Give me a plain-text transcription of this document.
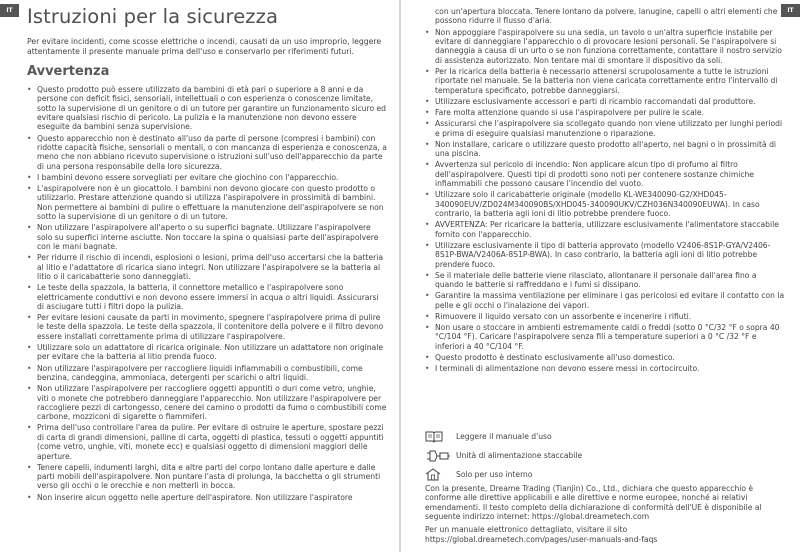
IT Istruzioni per la sicurezza

Per evitare incidenti, come scosse elettriche o incendi, causati da un uso improprio, leggere attentamente il presente manuale prima dell'uso e conservarlo per riferimenti futuri.

Avvertenza
• Questo prodotto può essere utilizzato da bambini di età pari o superiore a 8 anni e da persone con deficit fisici, sensoriali, intellettuali o con esperienza o conoscenze limitate, sotto la supervisione di un genitore o di un tutore per garantire un funzionamento sicuro ed evitare qualsiasi rischio di pericolo. La pulizia e la manutenzione non devono essere eseguite da bambini senza supervisione.
• Questo apparecchio non è destinato all'uso da parte di persone (compresi i bambini) con ridotte capacità fisiche, sensoriali o mentali, o con mancanza di esperienza e conoscenza, a meno che non abbiano ricevuto supervisione o istruzioni sull'uso dell'apparecchio da parte di una persona responsabile della loro sicurezza.
• I bambini devono essere sorvegliati per evitare che giochino con l'apparecchio.
• L'aspirapolvere non è un giocattolo. I bambini non devono giocare con questo prodotto o utilizzarlo. Prestare attenzione quando si utilizza l'aspirapolvere in prossimità di bambini. Non permettere ai bambini di pulire o effettuare la manutenzione dell'aspirapolvere se non sotto la supervisione di un genitore o di un tutore.
• Non utilizzare l'aspirapolvere all'aperto o su superfici bagnate. Utilizzare l'aspirapolvere solo su superfici interne asciutte. Non toccare la spina o qualsiasi parte dell'aspirapolvere con le mani bagnate.
• Per ridurre il rischio di incendi, esplosioni o lesioni, prima dell'uso accertarsi che la batteria al litio e l'adattatore di ricarica siano integri. Non utilizzare l'aspirapolvere se la batteria al litio o il caricabatterie sono danneggiati.
• Le teste della spazzola, la batteria, il connettore metallico e l'aspirapolvere sono elettricamente conduttivi e non devono essere immersi in acqua o altri liquidi. Assicurarsi di asciugare tutti i filtri dopo la pulizia.
• Per evitare lesioni causate da parti in movimento, spegnere l'aspirapolvere prima di pulire le teste della spazzola. Le teste della spazzola, il contenitore della polvere e il filtro devono essere installati correttamente prima di utilizzare l'aspirapolvere.
• Utilizzare solo un adattatore di ricarica originale. Non utilizzare un adattatore non originale per evitare che la batteria al litio prenda fuoco.
• Non utilizzare l'aspirapolvere per raccogliere liquidi infiammabili o combustibili, come benzina, candeggina, ammoniaca, detergenti per scarichi o altri liquidi.
• Non utilizzare l'aspirapolvere per raccogliere oggetti appuntiti o duri come vetro, unghie, viti o monete che potrebbero danneggiare l'apparecchio. Non utilizzare l'aspirapolvere per raccogliere pezzi di cartongesso, cenere del camino o prodotti da fumo o combustibili come carbone, mozziconi di sigarette o fiammiferi.
• Prima dell'uso controllare l'area da pulire. Per evitare di ostruire le aperture, spostare pezzi di carta di grandi dimensioni, palline di carta, oggetti di plastica, tessuti o oggetti appuntiti (come vetro, unghie, viti, monete ecc) e qualsiasi oggetto di dimensioni maggiori delle aperture.
• Tenere capelli, indumenti larghi, dita e altre parti del corpo lontano dalle aperture e dalle parti mobili dell'aspirapolvere. Non puntare l'asta di prolunga, la bacchetta o gli strumenti verso gli occhi o le orecchie e non metterli in bocca.
• Non inserire alcun oggetto nelle aperture dell'aspiratore. Non utilizzare l'aspiratore
IT
con un'apertura bloccata. Tenere lontano da polvere, lanugine, capelli o altri elementi che possono ridurre il flusso d'aria.
• Non appoggiare l'aspirapolvere su una sedia, un tavolo o un'altra superficie instabile per evitare di danneggiare l'apparecchio o di provocare lesioni personali. Se l'aspirapolvere si danneggia a causa di un urto o se non funziona correttamente, contattare il nostro servizio di assistenza autorizzato. Non tentare mai di smontare il dispositivo da soli.
• Per la ricarica della batteria è necessario attenersi scrupolosamente a tutte le istruzioni riportate nel manuale. Se la batteria non viene caricata correttamente entro l'intervallo di temperatura specificato, potrebbe danneggiarsi.
• Utilizzare esclusivamente accessori e parti di ricambio raccomandati dal produttore.
• Fare molta attenzione quando si usa l'aspirapolvere per pulire le scale.
• Assicurarsi che l'aspirapolvere sia scollegato quando non viene utilizzato per lunghi periodi e prima di eseguire qualsiasi manutenzione o riparazione.
• Non installare, caricare o utilizzare questo prodotto all'aperto, nei bagni o in prossimità di una piscina.
• Avvertenza sul pericolo di incendio: Non applicare alcun tipo di profumo al filtro dell'aspirapolvere. Questi tipi di prodotti sono noti per contenere sostanze chimiche infiammabili che possono causare l'incendio del vuoto.
• Utilizzare solo il caricabatterie originale (modello KL-WE340090-G2/XHD045-340090EUV/ZD024M340090BS/XHD045-340090UKV/CZH036N340090EUWA). In caso contrario, la batteria agli ioni di litio potrebbe prendere fuoco.
• AVVERTENZA: Per ricaricare la batteria, utilizzare esclusivamente l'alimentatore staccabile fornito con l'apparecchio.
• Utilizzare esclusivamente il tipo di batteria approvato (modello V2406-8S1P-GYA/V2406-8S1P-BWA/V2406A-8S1P-BWA). In caso contrario, la batteria agli ioni di litio potrebbe prendere fuoco.
• Se il materiale delle batterie viene rilasciato, allontanare il personale dall'area fino a quando le batterie si raffreddano e i fumi si dissipano.
• Garantire la massima ventilazione per eliminare i gas pericolosi ed evitare il contatto con la pelle e gli occhi o l'inalazione dei vapori.
• Rimuovere il liquido versato con un assorbente e incenerire i rifiuti.
• Non usare o stoccare in ambienti estremamente caldi o freddi (sotto 0 °C/32 °F o sopra 40 °C/104 °F). Caricare l'aspirapolvere senza fili a temperature superiori a 0 °C /32 °F e inferiori a 40 °C/104 °F.
• Questo prodotto è destinato esclusivamente all'uso domestico.
• I terminali di alimentazione non devono essere messi in cortocircuito.
Leggere il manuale d'uso
Unità di alimentazione staccabile
Solo per uso interno

Con la presente, Dreame Trading (Tianjin) Co., Ltd., dichiara che questo apparecchio è conforme alle direttive applicabili e alle direttive e norme europee, nonché ai relativi emendamenti. Il testo completo della dichiarazione di conformità dell'UE è disponibile al seguente indirizzo internet: https://global.dreametech.com

Per un manuale elettronico dettagliato, visitare il sito https://global.dreametech.com/pages/user-manuals-and-faqs
